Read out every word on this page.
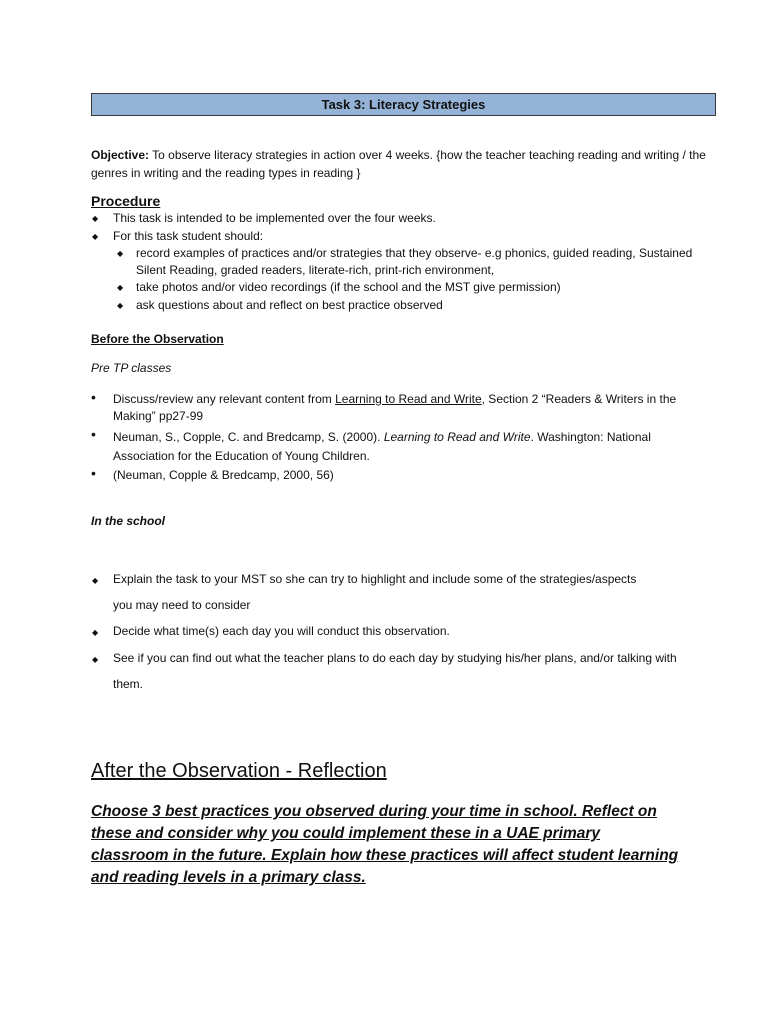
Task 3: Literacy Strategies
Objective: To observe literacy strategies in action over 4 weeks. {how the teacher teaching reading and writing / the genres in writing and the reading types in reading }
Procedure
◆ This task is intended to be implemented over the four weeks.
◆ For this task student should:
◆ record examples of practices and/or strategies that they observe- e.g phonics, guided reading, Sustained Silent Reading, graded readers, literate-rich, print-rich environment,
◆ take photos and/or video recordings (if the school and the MST give permission)
◆ ask questions about and reflect on best practice observed
Before the Observation
Pre TP classes
• Discuss/review any relevant content from Learning to Read and Write, Section 2 “Readers & Writers in the Making” pp27-99
• Neuman, S., Copple, C. and Bredcamp, S. (2000). Learning to Read and Write. Washington: National Association for the Education of Young Children.
• (Neuman, Copple & Bredcamp, 2000, 56)
In the school
◆ Explain the task to your MST so she can try to highlight and include some of the strategies/aspects
you may need to consider
◆ Decide what time(s) each day you will conduct this observation.
◆ See if you can find out what the teacher plans to do each day by studying his/her plans, and/or talking with
them.
After the Observation - Reflection
Choose 3 best practices you observed during your time in school. Reflect on these and consider why you could implement these in a UAE primary classroom in the future. Explain how these practices will affect student learning and reading levels in a primary class.
